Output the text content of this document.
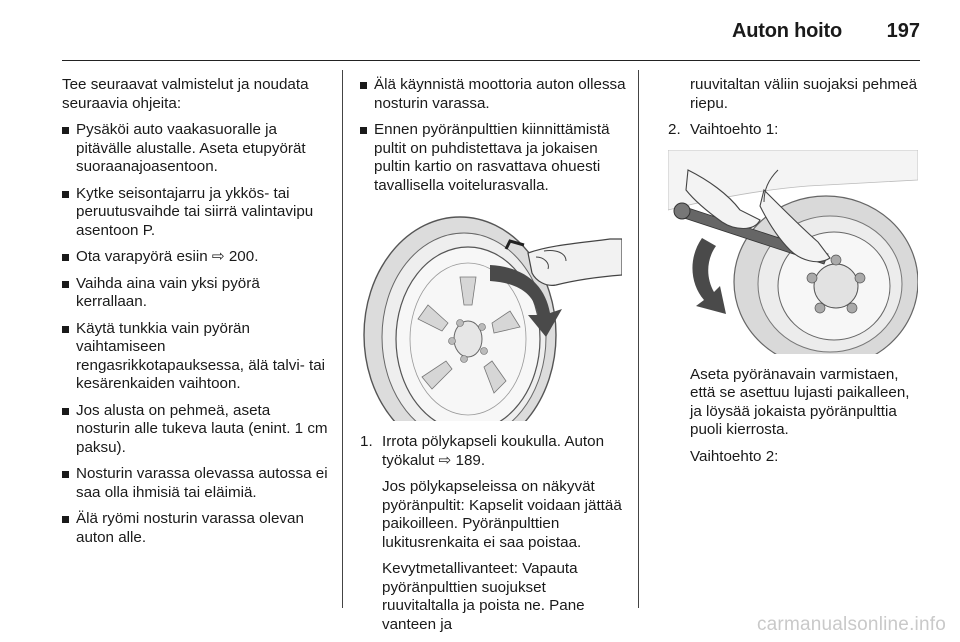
Auton hoito 197

Tee seuraavat valmistelut ja noudata seuraavia ohjeita:

Pysäköi auto vaakasuoralle ja pitävälle alustalle. Aseta etupyörät suoraanajoasentoon.
Kytke seisontajarru ja ykkös- tai peruutusvaihde tai siirrä valintavipu asentoon P.
Ota varapyörä esiin ⇨ 200.
Vaihda aina vain yksi pyörä kerrallaan.
Käytä tunkkia vain pyörän vaihtamiseen rengasrikkotapauksessa, älä talvi- tai kesärenkaiden vaihtoon.
Jos alusta on pehmeä, aseta nosturin alle tukeva lauta (enint. 1 cm paksu).
Nosturin varassa olevassa autossa ei saa olla ihmisiä tai eläimiä.
Älä ryömi nosturin varassa olevan auton alle.
Älä käynnistä moottoria auton ollessa nosturin varassa.
Ennen pyöränpulttien kiinnittämistä pultit on puhdistettava ja jokaisen pultin kartio on rasvattava ohuesti tavallisella voitelurasvalla.
1. Irrota pölykapseli koukulla. Auton työkalut ⇨ 189.

Jos pölykapseleissa on näkyvät pyöränpultit: Kapselit voidaan jättää paikoilleen. Pyöränpulttien lukitusrenkaita ei saa poistaa.

Kevytmetallivanteet: Vapauta pyöränpulttien suojukset ruuvitaltalla ja poista ne. Pane vanteen ja

ruuvitaltan väliin suojaksi pehmeä riepu.

2. Vaihtoehto 1:

Aseta pyöränavain varmistaen, että se asettuu lujasti paikalleen, ja löysää jokaista pyöränpulttia puoli kierrosta.

Vaihtoehto 2:

carmanualsonline.info
